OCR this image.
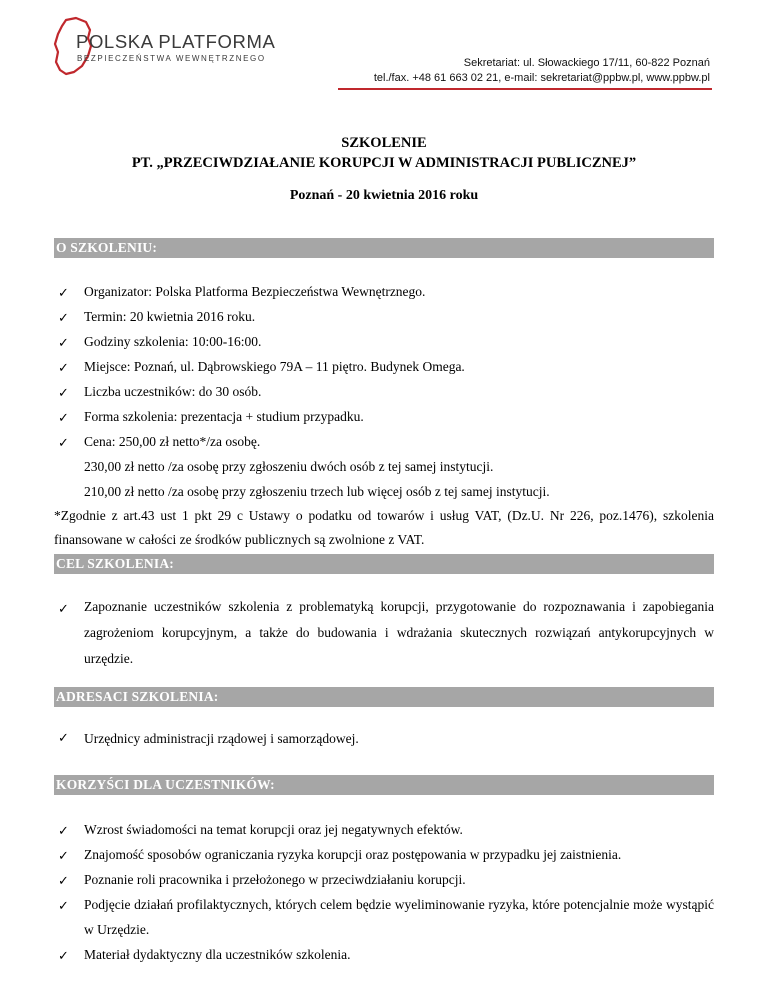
POLSKA PLATFORMA
BEZPIECZEŃSTWA WEWNĘTRZNEGO	Sekretariat: ul. Słowackiego 17/11, 60-822 Poznań
tel./fax. +48 61 663 02 21, e-mail: sekretariat@ppbw.pl, www.ppbw.pl
SZKOLENIE
PT. „PRZECIWDZIAŁANIE KORUPCJI W ADMINISTRACJI PUBLICZNEJ”
Poznań - 20 kwietnia 2016 roku
O SZKOLENIU:
✓	Organizator: Polska Platforma Bezpieczeństwa Wewnętrznego.
✓	Termin: 20 kwietnia 2016 roku.
✓	Godziny szkolenia: 10:00-16:00.
✓	Miejsce: Poznań, ul. Dąbrowskiego 79A – 11 piętro. Budynek Omega.
✓	Liczba uczestników: do 30 osób.
✓	Forma szkolenia: prezentacja + studium przypadku.
✓	Cena: 250,00 zł netto*/za osobę.
230,00 zł netto /za osobę przy zgłoszeniu dwóch osób z tej samej instytucji.
210,00 zł netto /za osobę przy zgłoszeniu trzech lub więcej osób z tej samej instytucji.
*Zgodnie z art.43 ust 1 pkt 29 c Ustawy o podatku od towarów i usług VAT, (Dz.U. Nr 226, poz.1476), szkolenia finansowane w całości ze środków publicznych są zwolnione z VAT.
CEL SZKOLENIA:
✓	Zapoznanie uczestników szkolenia z problematyką korupcji, przygotowanie do rozpoznawania i zapobiegania zagrożeniom korupcyjnym, a także do budowania i wdrażania skutecznych rozwiązań antykorupcyjnych w urzędzie.
ADRESACI SZKOLENIA:
✓	Urzędnicy administracji rządowej i samorządowej.
KORZYŚCI DLA UCZESTNIKÓW:
✓	Wzrost świadomości na temat korupcji oraz jej negatywnych efektów.
✓	Znajomość sposobów ograniczania ryzyka korupcji oraz postępowania w przypadku jej zaistnienia.
✓	Poznanie roli pracownika i przełożonego w przeciwdziałaniu korupcji.
✓	Podjęcie działań profilaktycznych, których celem będzie wyeliminowanie ryzyka, które potencjalnie może wystąpić w Urzędzie.
✓	Materiał dydaktyczny dla uczestników szkolenia.
